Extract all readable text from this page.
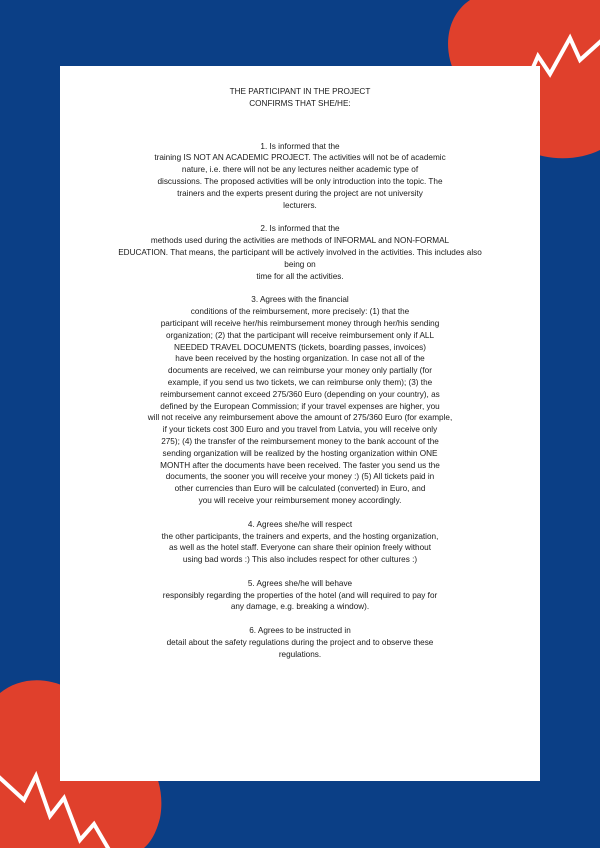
THE PARTICIPANT IN THE PROJECT
CONFIRMS THAT SHE/HE:

1. Is informed that the
training IS NOT AN ACADEMIC PROJECT. The activities will not be of academic
nature, i.e. there will not be any lectures neither academic type of
discussions. The proposed activities will be only introduction into the topic. The
trainers and the experts present during the project are not university
lecturers.

2. Is informed that the
methods used during the activities are methods of INFORMAL and NON-FORMAL
EDUCATION. That means, the participant will be actively involved in the activities. This includes also
being on
time for all the activities.

3. Agrees with the financial
conditions of the reimbursement, more precisely: (1) that the
participant will receive her/his reimbursement money through her/his sending
organization; (2) that the participant will receive reimbursement only if ALL
NEEDED TRAVEL DOCUMENTS (tickets, boarding passes, invoices)
have been received by the hosting organization. In case not all of the
documents are received, we can reimburse your money only partially (for
example, if you send us two tickets, we can reimburse only them); (3) the
reimbursement cannot exceed 275/360 Euro (depending on your country), as
defined by the European Commission; if your travel expenses are higher, you
will not receive any reimbursement above the amount of 275/360 Euro (for example,
if your tickets cost 300 Euro and you travel from Latvia, you will receive only
275); (4) the transfer of the reimbursement money to the bank account of the
sending organization will be realized by the hosting organization within ONE
MONTH after the documents have been received. The faster you send us the
documents, the sooner you will receive your money :) (5) All tickets paid in
other currencies than Euro will be calculated (converted) in Euro, and
you will receive your reimbursement money accordingly.

4. Agrees she/he will respect
the other participants, the trainers and experts, and the hosting organization,
as well as the hotel staff. Everyone can share their opinion freely without
using bad words :) This also includes respect for other cultures :)

5. Agrees she/he will behave
responsibly regarding the properties of the hotel (and will required to pay for
any damage, e.g. breaking a window).

6. Agrees to be instructed in
detail about the safety regulations during the project and to observe these
regulations.
